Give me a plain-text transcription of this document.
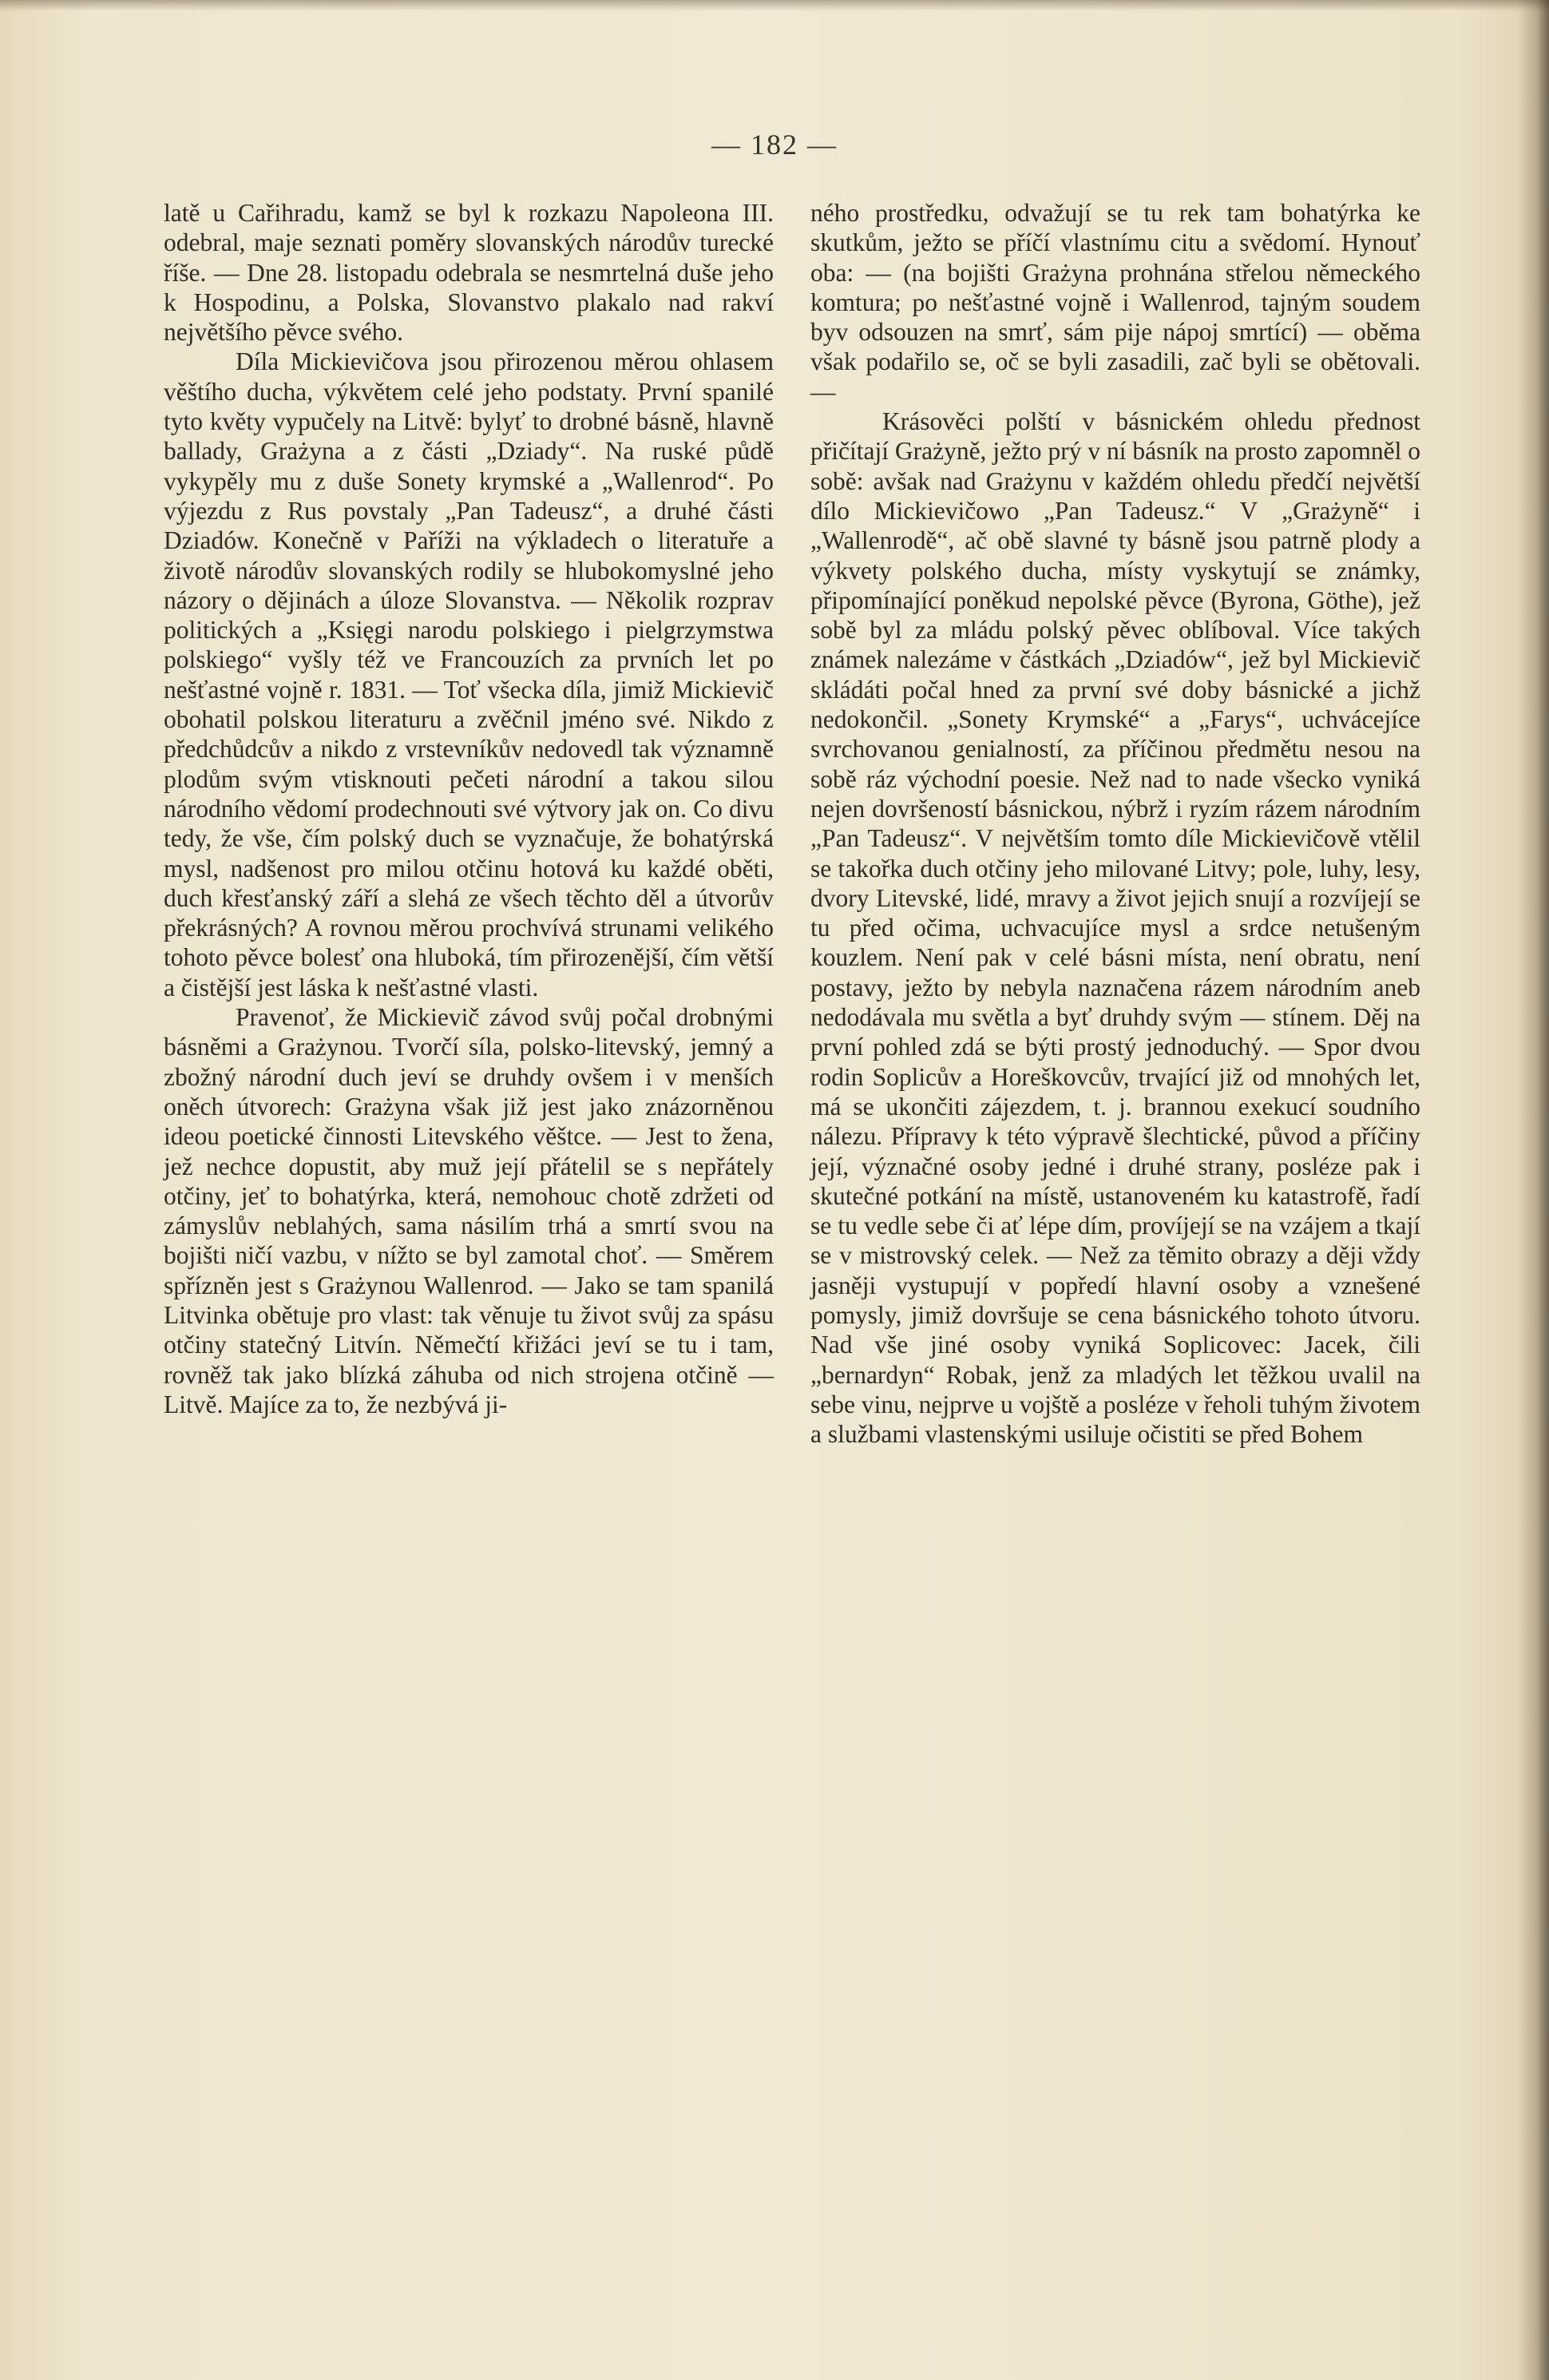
— 182 —

latě u Cařihradu, kamž se byl k rozkazu Napoleona III. odebral, maje seznati poměry slovanských národův turecké říše. — Dne 28. listopadu odebrala se nesmrtelná duše jeho k Hospodinu, a Polska, Slovanstvo plakalo nad rakví největšího pěvce svého.

Díla Mickievičova jsou přirozenou měrou ohlasem věštího ducha, výkvětem celé jeho podstaty. První spanilé tyto květy vypučely na Litvě: bylyť to drobné básně, hlavně ballady, Grażyna a z části „Dziady“. Na ruské půdě vykypěly mu z duše Sonety krymské a „Wallenrod“. Po výjezdu z Rus povstaly „Pan Tadeusz“, a druhé části Dziadów. Konečně v Paříži na výkladech o literatuře a životě národův slovanských rodily se hlubokomyslné jeho názory o dějinách a úloze Slovanstva. — Několik rozprav politických a „Księgi narodu polskiego i pielgrzymstwa polskiego“ vyšly též ve Francouzích za prvních let po nešťastné vojně r. 1831. — Toť všecka díla, jimiž Mickievič obohatil polskou literaturu a zvěčnil jméno své. Nikdo z předchůdcův a nikdo z vrstevníkův nedovedl tak významně plodům svým vtisknouti pečeti národní a takou silou národního vědomí prodechnouti své výtvory jak on. Co divu tedy, že vše, čím polský duch se vyznačuje, že bohatýrská mysl, nadšenost pro milou otčinu hotová ku každé oběti, duch křesťanský září a slehá ze všech těchto děl a útvorův překrásných? A rovnou měrou prochvívá strunami velikého tohoto pěvce bolesť ona hluboká, tím přirozenější, čím větší a čistější jest láska k nešťastné vlasti.

Pravenoť, že Mickievič závod svůj počal drobnými básněmi a Grażynou. Tvorčí síla, polsko-litevský, jemný a zbožný národní duch jeví se druhdy ovšem i v menších oněch útvorech: Grażyna však již jest jako znázorněnou ideou poetické činnosti Litevského věštce. — Jest to žena, jež nechce dopustit, aby muž její přátelil se s nepřátely otčiny, jeť to bohatýrka, která, nemohouc chotě zdržeti od zámyslův neblahých, sama násilím trhá a smrtí svou na bojišti ničí vazbu, v nížto se byl zamotal choť. — Směrem spřízněn jest s Grażynou Wallenrod. — Jako se tam spanilá Litvinka obětuje pro vlast: tak věnuje tu život svůj za spásu otčiny statečný Litvín. Němečtí křižáci jeví se tu i tam, rovněž tak jako blízká záhuba od nich strojena otčině — Litvě. Majíce za to, že nezbývá ji-

ného prostředku, odvažují se tu rek tam bohatýrka ke skutkům, ježto se příčí vlastnímu citu a svědomí. Hynouť oba: — (na bojišti Grażyna prohnána střelou německého komtura; po nešťastné vojně i Wallenrod, tajným soudem byv odsouzen na smrť, sám pije nápoj smrtící) — oběma však podařilo se, oč se byli zasadili, zač byli se obětovali. —

Krásověci polští v básnickém ohledu přednost přičítají Grażyně, ježto prý v ní básník na prosto zapomněl o sobě: avšak nad Grażynu v každém ohledu předčí největší dílo Mickievičowo „Pan Tadeusz.“ V „Grażyně“ i „Wallenrodě“, ač obě slavné ty básně jsou patrně plody a výkvety polského ducha, místy vyskytují se známky, připomínající poněkud nepolské pěvce (Byrona, Göthe), jež sobě byl za mládu polský pěvec oblíboval. Více takých známek nalezáme v částkách „Dziadów“, jež byl Mickievič skládáti počal hned za první své doby básnické a jichž nedokončil. „Sonety Krymské“ a „Farys“, uchvácejíce svrchovanou genialností, za příčinou předmětu nesou na sobě ráz východní poesie. Než nad to nade všecko vyniká nejen dovršeností básnickou, nýbrž i ryzím rázem národním „Pan Tadeusz“. V největším tomto díle Mickievičově vtělil se takořka duch otčiny jeho milované Litvy; pole, luhy, lesy, dvory Litevské, lidé, mravy a život jejich snují a rozvíjejí se tu před očima, uchvacujíce mysl a srdce netušeným kouzlem. Není pak v celé básni místa, není obratu, není postavy, ježto by nebyla naznačena rázem národním aneb nedodávala mu světla a byť druhdy svým — stínem. Děj na první pohled zdá se býti prostý jednoduchý. — Spor dvou rodin Soplicův a Horeškovcův, trvající již od mnohých let, má se ukončiti zájezdem, t. j. brannou exekucí soudního nálezu. Přípravy k této výpravě šlechtické, původ a příčiny její, význačné osoby jedné i druhé strany, posléze pak i skutečné potkání na místě, ustanoveném ku katastrofě, řadí se tu vedle sebe či ať lépe dím, províjejí se na vzájem a tkají se v mistrovský celek. — Než za těmito obrazy a ději vždy jasněji vystupují v popředí hlavní osoby a vznešené pomysly, jimiž dovršuje se cena básnického tohoto útvoru. Nad vše jiné osoby vyniká Soplicovec: Jacek, čili „bernardyn“ Robak, jenž za mladých let těžkou uvalil na sebe vinu, nejprve u vojště a posléze v řeholi tuhým životem a službami vlastenskými usiluje očistiti se před Bohem
